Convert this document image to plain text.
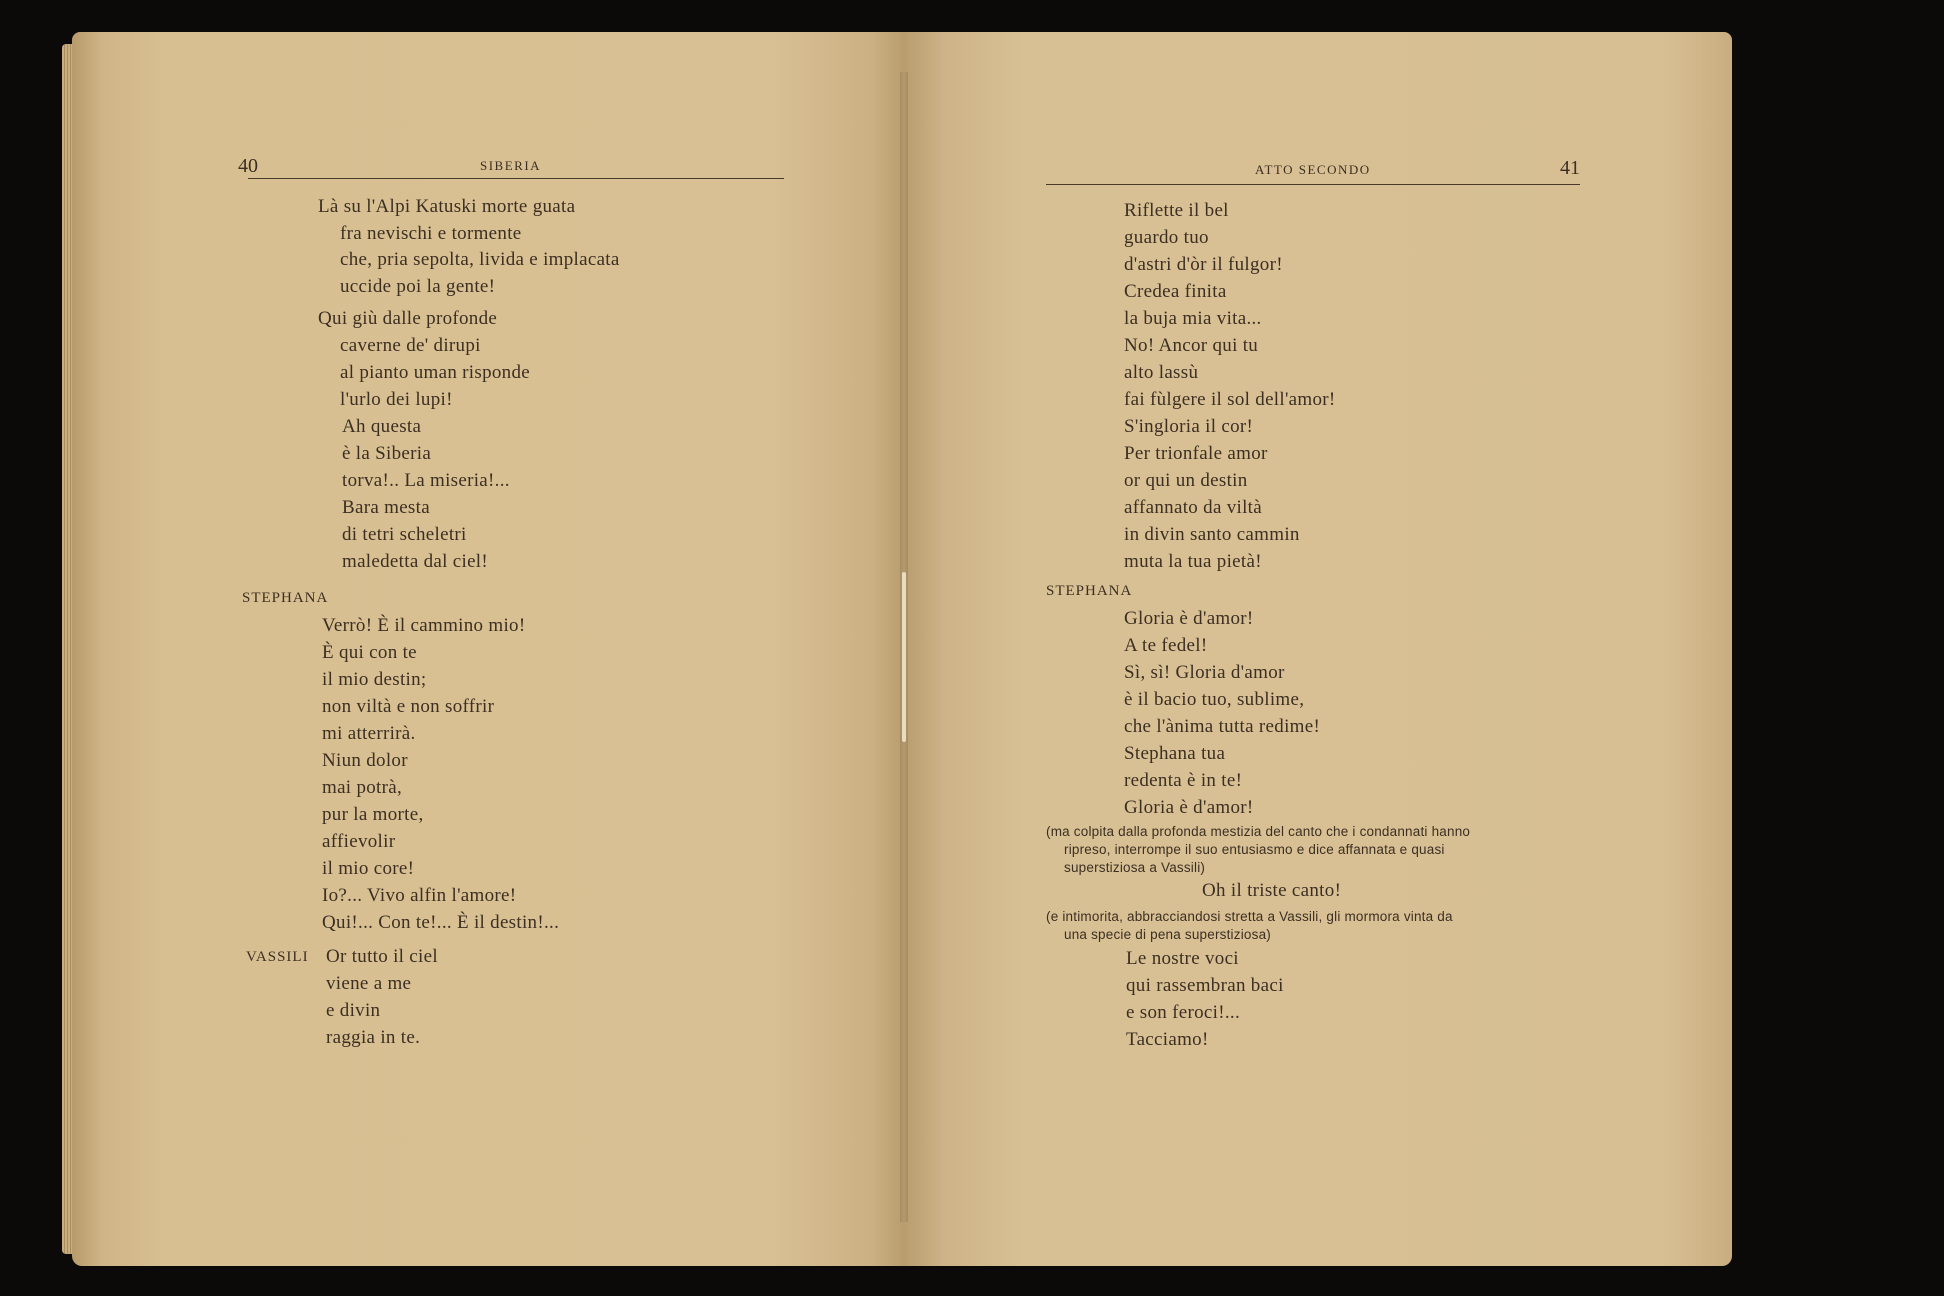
40	SIBERIA	ATTO SECONDO	41
Là su l'Alpi Katuski morte guata
fra nevischi e tormente
che, pria sepolta, livida e implacata
uccide poi la gente!
Qui giù dalle profonde
caverne de' dirupi
al pianto uman risponde
l'urlo dei lupi!
Ah questa
è la Siberia
torva!.. La miseria!...
Bara mesta
di tetri scheletri
maledetta dal ciel!
STEPHANA
Verrò! È il cammino mio!
È qui con te
il mio destin;
non viltà e non soffrir
mi atterrirà.
Niun dolor
mai potrà,
pur la morte,
affievolir
il mio core!
Io?... Vivo alfin l'amore!
Qui!... Con te!... È il destin!...
VASSILI Or tutto il ciel
viene a me
e divin
raggia in te.
Riflette il bel
guardo tuo
d'astri d'òr il fulgor!
Credea finita
la buja mia vita...
No! Ancor qui tu
alto lassù
fai fùlgere il sol dell'amor!
S'ingloria il cor!
Per trionfale amor
or qui un destin
affannato da viltà
in divin santo cammin
muta la tua pietà!
STEPHANA
Gloria è d'amor!
A te fedel!
Sì, sì! Gloria d'amor
è il bacio tuo, sublime,
che l'ànima tutta redime!
Stephana tua
redenta è in te!
Gloria è d'amor!
(ma colpita dalla profonda mestizia del canto che i condannati hanno
ripreso, interrompe il suo entusiasmo e dice affannata e quasi
superstiziosa a Vassili)
Oh il triste canto!
(e intimorita, abbracciandosi stretta a Vassili, gli mormora vinta da
una specie di pena superstiziosa)
Le nostre voci
qui rassembran baci
e son feroci!...
Tacciamo!
